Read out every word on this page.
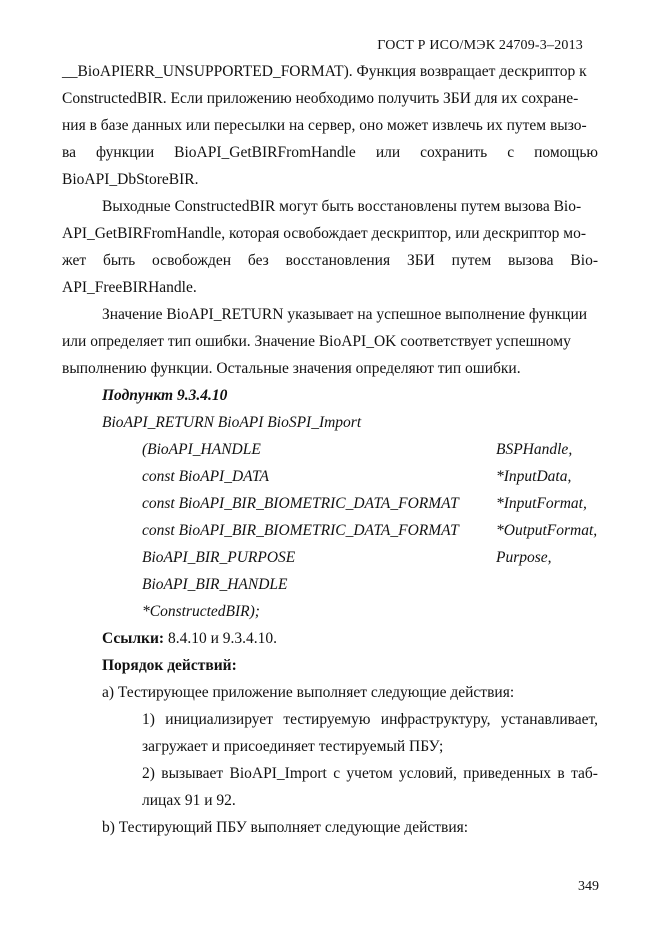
ГОСТ Р ИСО/МЭК 24709-3–2013
__BioAPIERR_UNSUPPORTED_FORMAT). Функция возвращает дескриптор к
ConstructedBIR. Если приложению необходимо получить ЗБИ для их сохране-
ния в базе данных или пересылки на сервер, оно может извлечь их путем вызо-
ва функции BioAPI_GetBIRFromHandle или сохранить с помощью
BioAPI_DbStoreBIR.
Выходные ConstructedBIR могут быть восстановлены путем вызова Bio-
API_GetBIRFromHandle, которая освобождает дескриптор, или дескриптор мо-
жет быть освобожден без восстановления ЗБИ путем вызова Bio-
API_FreeBIRHandle.
Значение BioAPI_RETURN указывает на успешное выполнение функции
или определяет тип ошибки. Значение BioAPI_OK соответствует успешному
выполнению функции. Остальные значения определяют тип ошибки.
Подпункт 9.3.4.10
BioAPI_RETURN BioAPI BioSPI_Import
(BioAPI_HANDLE	BSPHandle,
const BioAPI_DATA	*InputData,
const BioAPI_BIR_BIOMETRIC_DATA_FORMAT *InputFormat,
const BioAPI_BIR_BIOMETRIC_DATA_FORMAT *OutputFormat,
BioAPI_BIR_PURPOSE	Purpose,
BioAPI_BIR_HANDLE
*ConstructedBIR);
Ссылки: 8.4.10 и 9.3.4.10.
Порядок действий:
а) Тестирующее приложение выполняет следующие действия:
1) инициализирует тестируемую инфраструктуру, устанавливает,
загружает и присоединяет тестируемый ПБУ;
2) вызывает BioAPI_Import с учетом условий, приведенных в таб-
лицах 91 и 92.
b) Тестирующий ПБУ выполняет следующие действия:
349
